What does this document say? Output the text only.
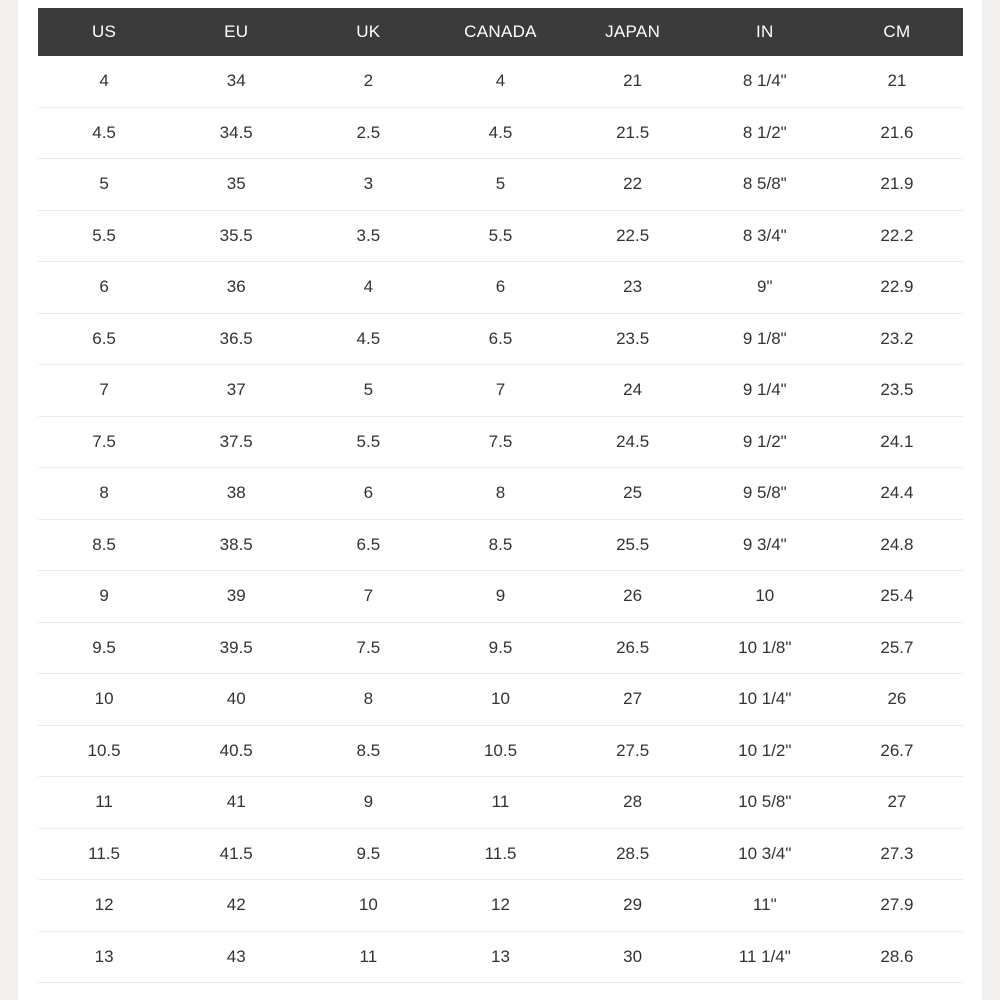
US	EU	UK	CANADA	JAPAN	IN	CM
4	34	2	4	21	8 1/4"	21
4.5	34.5	2.5	4.5	21.5	8 1/2"	21.6
5	35	3	5	22	8 5/8"	21.9
5.5	35.5	3.5	5.5	22.5	8 3/4"	22.2
6	36	4	6	23	9"	22.9
6.5	36.5	4.5	6.5	23.5	9 1/8"	23.2
7	37	5	7	24	9 1/4"	23.5
7.5	37.5	5.5	7.5	24.5	9 1/2"	24.1
8	38	6	8	25	9 5/8"	24.4
8.5	38.5	6.5	8.5	25.5	9 3/4"	24.8
9	39	7	9	26	10	25.4
9.5	39.5	7.5	9.5	26.5	10 1/8"	25.7
10	40	8	10	27	10 1/4"	26
10.5	40.5	8.5	10.5	27.5	10 1/2"	26.7
11	41	9	11	28	10 5/8"	27
11.5	41.5	9.5	11.5	28.5	10 3/4"	27.3
12	42	10	12	29	11"	27.9
13	43	11	13	30	11 1/4"	28.6
